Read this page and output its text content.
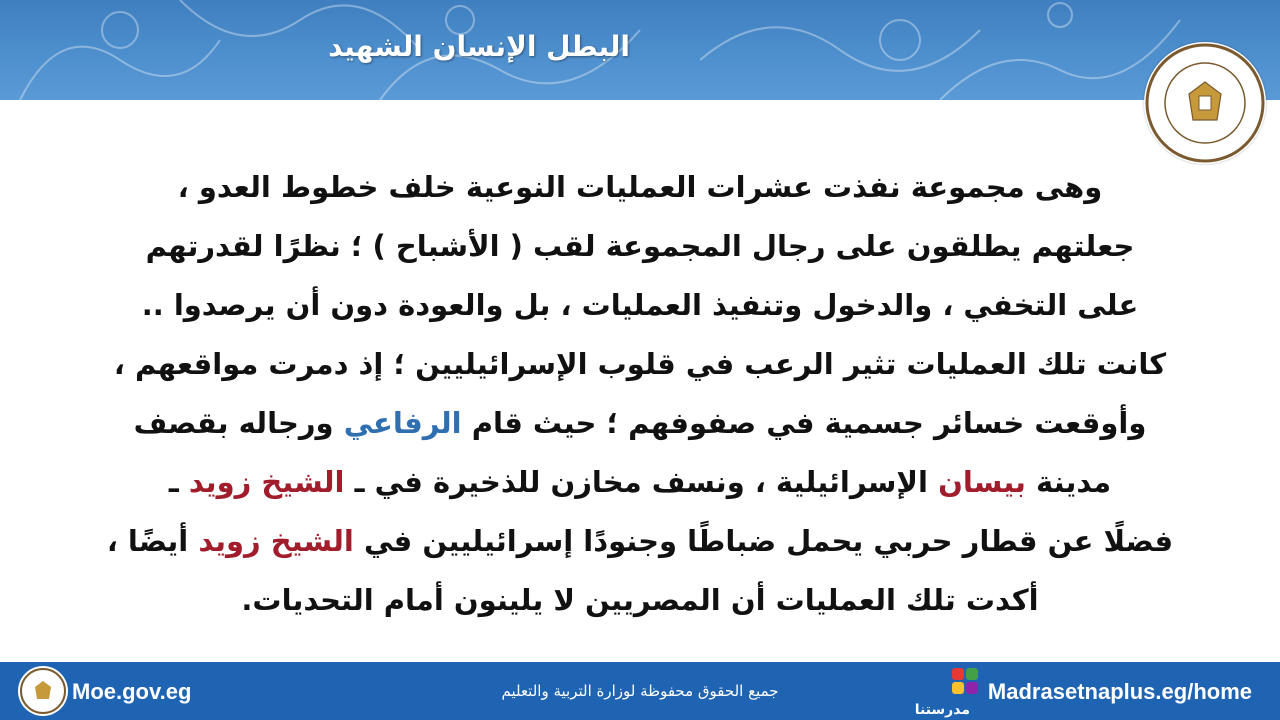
البطل الإنسان الشهيد
وهى مجموعة نفذت عشرات العمليات النوعية خلف خطوط العدو ،
جعلتهم يطلقون على رجال المجموعة لقب ( الأشباح ) ؛ نظرًا لقدرتهم
على التخفي ، والدخول وتنفيذ العمليات ، بل والعودة دون أن يرصدوا ..
كانت تلك العمليات تثير الرعب في قلوب الإسرائيليين ؛ إذ دمرت مواقعهم ،
وأوقعت خسائر جسمية في صفوفهم ؛ حيث قام الرفاعي ورجاله بقصف
مدينة بيسان الإسرائيلية ، ونسف مخازن للذخيرة في ـ الشيخ زويد ـ
فضلًا عن قطار حربي يحمل ضباطًا وجنودًا إسرائيليين في الشيخ زويد أيضًا ،
أكدت تلك العمليات أن المصريين لا يلينون أمام التحديات.
Moe.gov.eg	جميع الحقوق محفوظة لوزارة التربية والتعليم
مدرستنا
Madrasetnaplus.eg/home
